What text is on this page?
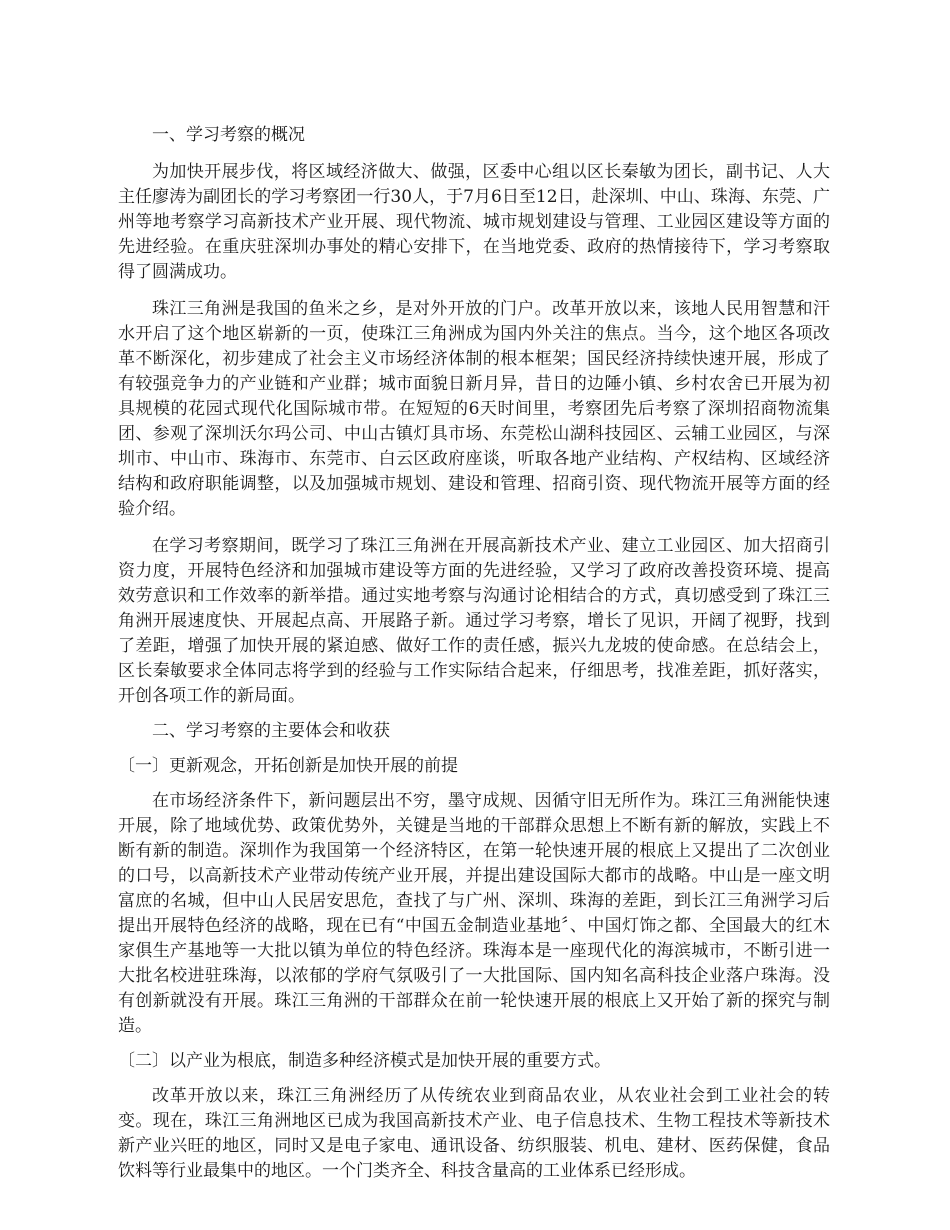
一、学习考察的概况

为加快开展步伐，将区域经济做大、做强，区委中心组以区长秦敏为团长，副书记、人大主任廖涛为副团长的学习考察团一行30人，于7月6日至12日，赴深圳、中山、珠海、东莞、广州等地考察学习高新技术产业开展、现代物流、城市规划建设与管理、工业园区建设等方面的先进经验。在重庆驻深圳办事处的精心安排下，在当地党委、政府的热情接待下，学习考察取得了圆满成功。

珠江三角洲是我国的鱼米之乡，是对外开放的门户。改革开放以来，该地人民用智慧和汗水开启了这个地区崭新的一页，使珠江三角洲成为国内外关注的焦点。当今，这个地区各项改革不断深化，初步建成了社会主义市场经济体制的根本框架；国民经济持续快速开展，形成了有较强竞争力的产业链和产业群；城市面貌日新月异，昔日的边陲小镇、乡村农舍已开展为初具规模的花园式现代化国际城市带。在短短的6天时间里，考察团先后考察了深圳招商物流集团、参观了深圳沃尔玛公司、中山古镇灯具市场、东莞松山湖科技园区、云辅工业园区，与深圳市、中山市、珠海市、东莞市、白云区政府座谈，听取各地产业结构、产权结构、区域经济结构和政府职能调整，以及加强城市规划、建设和管理、招商引资、现代物流开展等方面的经验介绍。

在学习考察期间，既学习了珠江三角洲在开展高新技术产业、建立工业园区、加大招商引资力度，开展特色经济和加强城市建设等方面的先进经验，又学习了政府改善投资环境、提高效劳意识和工作效率的新举措。通过实地考察与沟通讨论相结合的方式，真切感受到了珠江三角洲开展速度快、开展起点高、开展路子新。通过学习考察，增长了见识，开阔了视野，找到了差距，增强了加快开展的紧迫感、做好工作的责任感，振兴九龙坡的使命感。在总结会上，区长秦敏要求全体同志将学到的经验与工作实际结合起来，仔细思考，找准差距，抓好落实，开创各项工作的新局面。

二、学习考察的主要体会和收获

〔一〕更新观念，开拓创新是加快开展的前提

在市场经济条件下，新问题层出不穷，墨守成规、因循守旧无所作为。珠江三角洲能快速开展，除了地域优势、政策优势外，关键是当地的干部群众思想上不断有新的解放，实践上不断有新的制造。深圳作为我国第一个经济特区，在第一轮快速开展的根底上又提出了二次创业的口号，以高新技术产业带动传统产业开展，并提出建设国际大都市的战略。中山是一座文明富庶的名城，但中山人民居安思危，查找了与广州、深圳、珠海的差距，到长江三角洲学习后提出开展特色经济的战略，现在已有“中国五金制造业基地〞、中国灯饰之都、全国最大的红木家俱生产基地等一大批以镇为单位的特色经济。珠海本是一座现代化的海滨城市，不断引进一大批名校进驻珠海，以浓郁的学府气氛吸引了一大批国际、国内知名高科技企业落户珠海。没有创新就没有开展。珠江三角洲的干部群众在前一轮快速开展的根底上又开始了新的探究与制造。

〔二〕以产业为根底，制造多种经济模式是加快开展的重要方式。

改革开放以来，珠江三角洲经历了从传统农业到商品农业，从农业社会到工业社会的转变。现在，珠江三角洲地区已成为我国高新技术产业、电子信息技术、生物工程技术等新技术新产业兴旺的地区，同时又是电子家电、通讯设备、纺织服装、机电、建材、医药保健，食品饮料等行业最集中的地区。一个门类齐全、科技含量高的工业体系已经形成。
